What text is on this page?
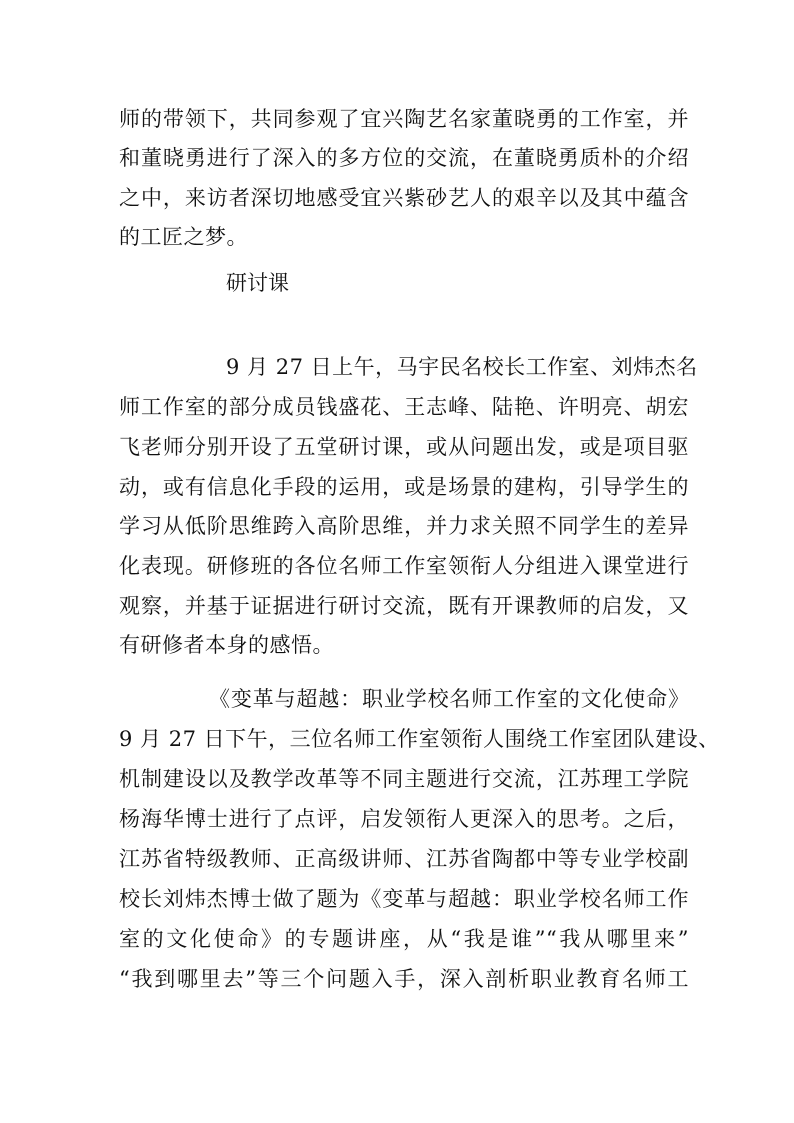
师的带领下，共同参观了宜兴陶艺名家董晓勇的工作室，并
和董晓勇进行了深入的多方位的交流，在董晓勇质朴的介绍
之中，来访者深切地感受宜兴紫砂艺人的艰辛以及其中蕴含
的工匠之梦。
研讨课
9 月 27 日上午，马宇民名校长工作室、刘炜杰名
师工作室的部分成员钱盛花、王志峰、陆艳、许明亮、胡宏
飞老师分别开设了五堂研讨课，或从问题出发，或是项目驱
动，或有信息化手段的运用，或是场景的建构，引导学生的
学习从低阶思维跨入高阶思维，并力求关照不同学生的差异
化表现。研修班的各位名师工作室领衔人分组进入课堂进行
观察，并基于证据进行研讨交流，既有开课教师的启发，又
有研修者本身的感悟。
《变革与超越：职业学校名师工作室的文化使命》
9 月 27 日下午，三位名师工作室领衔人围绕工作室团队建设、
机制建设以及教学改革等不同主题进行交流，江苏理工学院
杨海华博士进行了点评，启发领衔人更深入的思考。之后，
江苏省特级教师、正高级讲师、江苏省陶都中等专业学校副
校长刘炜杰博士做了题为《变革与超越：职业学校名师工作
室的文化使命》的专题讲座，从“我是谁”“我从哪里来”
“我到哪里去”等三个问题入手，深入剖析职业教育名师工
